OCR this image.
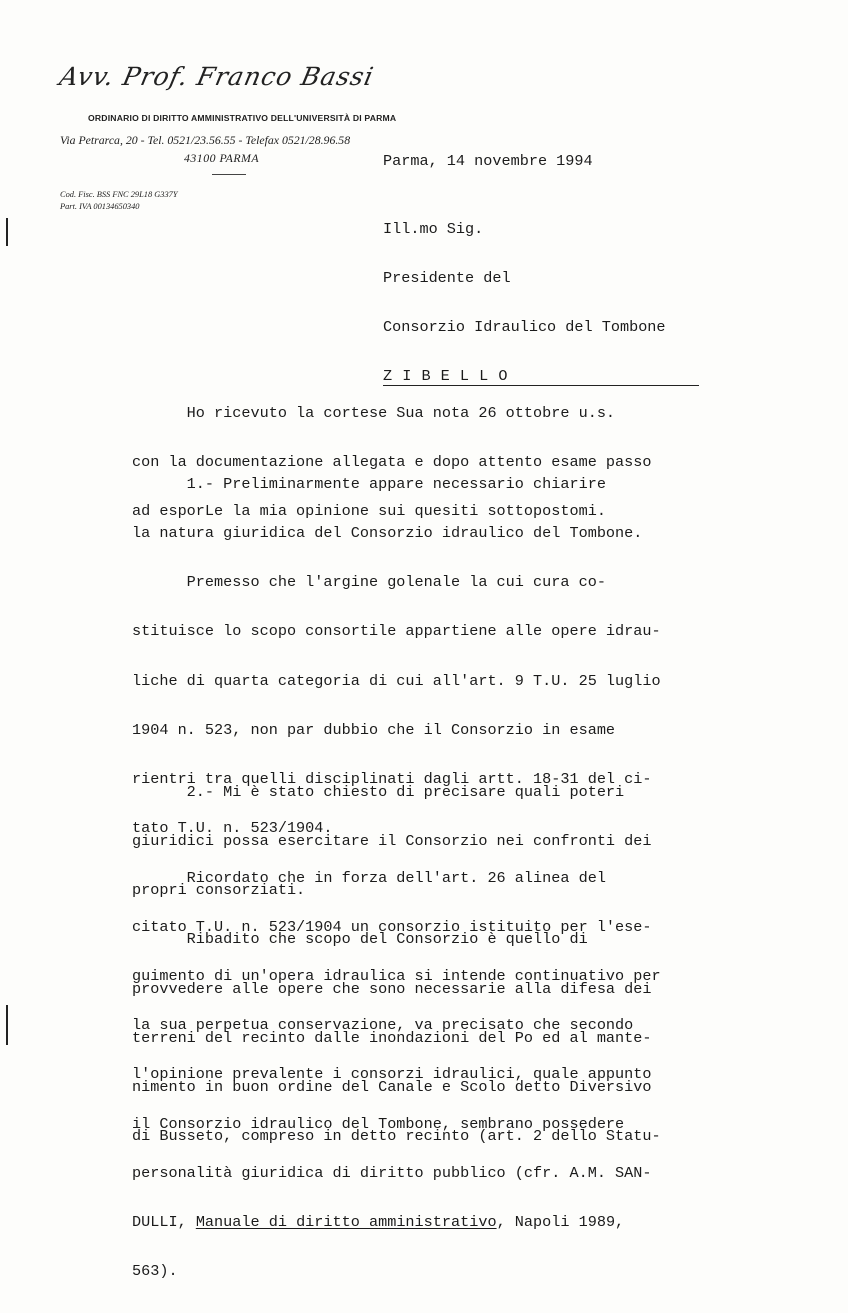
Avv. Prof. Franco Bassi
ORDINARIO DI DIRITTO AMMINISTRATIVO DELL'UNIVERSITÀ DI PARMA
Via Petrarca, 20 - Tel. 0521/23.56.55 - Telefax 0521/28.96.58
43100 PARMA
Cod. Fisc. BSS FNC 29L18 G337Y
Part. IVA 00134650340
Parma, 14 novembre 1994

Ill.mo Sig.

Presidente del

Consorzio Idraulico del Tombone

Z I B E L L O

Ho ricevuto la cortese Sua nota 26 ottobre u.s.

con la documentazione allegata e dopo attento esame passo

ad esporLe la mia opinione sui quesiti sottopostomi.

1.- Preliminarmente appare necessario chiarire

la natura giuridica del Consorzio idraulico del Tombone.

Premesso che l'argine golenale la cui cura co-

stituisce lo scopo consortile appartiene alle opere idrau-

liche di quarta categoria di cui all'art. 9 T.U. 25 luglio

1904 n. 523, non par dubbio che il Consorzio in esame

rientri tra quelli disciplinati dagli artt. 18-31 del ci-

tato T.U. n. 523/1904.

Ricordato che in forza dell'art. 26 alinea del

citato T.U. n. 523/1904 un consorzio istituito per l'ese-

guimento di un'opera idraulica si intende continuativo per

la sua perpetua conservazione, va precisato che secondo

l'opinione prevalente i consorzi idraulici, quale appunto

il Consorzio idraulico del Tombone, sembrano possedere

personalità giuridica di diritto pubblico (cfr. A.M. SAN-

DULLI, Manuale di diritto amministrativo, Napoli 1989,

563).

2.- Mi è stato chiesto di precisare quali poteri

giuridici possa esercitare il Consorzio nei confronti dei

propri consorziati.

Ribadito che scopo del Consorzio è quello di

provvedere alle opere che sono necessarie alla difesa dei

terreni del recinto dalle inondazioni del Po ed al mante-

nimento in buon ordine del Canale e Scolo detto Diversivo

di Busseto, compreso in detto recinto (art. 2 dello Statu-
